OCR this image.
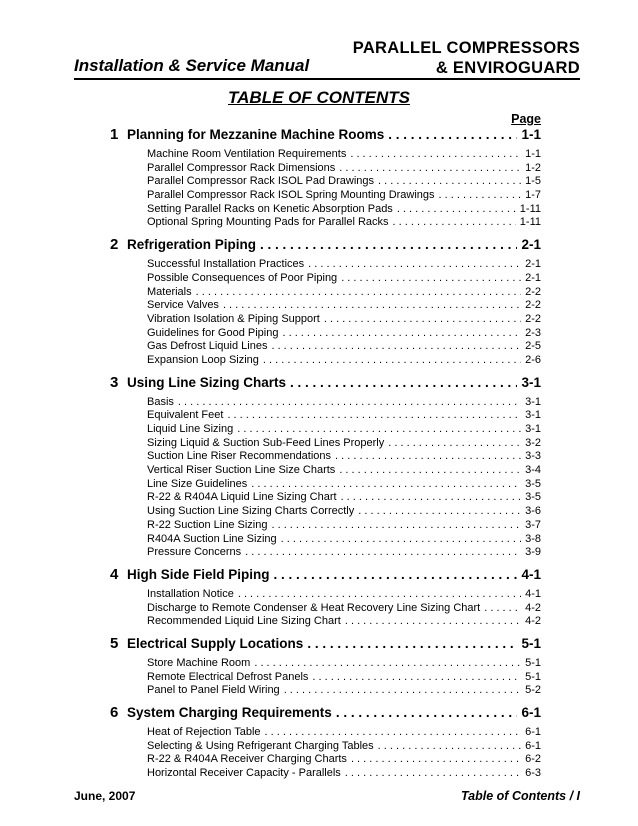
PARALLEL COMPRESSORS
& ENVIROGUARD
Installation & Service Manual
TABLE OF CONTENTS
Page
1 Planning for Mezzanine Machine Rooms . . .	1-1
Machine Room Ventilation Requirements . . .	1-1
Parallel Compressor Rack Dimensions . . .	1-2
Parallel Compressor Rack ISOL Pad Drawings . . .	1-5
Parallel Compressor Rack ISOL Spring Mounting Drawings . . .	1-7
Setting Parallel Racks on Kenetic Absorption Pads . . .	1-11
Optional Spring Mounting Pads for Parallel Racks . . .	1-11
2 Refrigeration Piping . . .	2-1
Successful Installation Practices . . .	2-1
Possible Consequences of Poor Piping . . .	2-1
Materials . . .	2-2
Service Valves . . .	2-2
Vibration Isolation & Piping Support . . .	2-2
Guidelines for Good Piping . . .	2-3
Gas Defrost Liquid Lines . . .	2-5
Expansion Loop Sizing . . .	2-6
3 Using Line Sizing Charts . . .	3-1
Basis . . .	3-1
Equivalent Feet . . .	3-1
Liquid Line Sizing . . .	3-1
Sizing Liquid & Suction Sub-Feed Lines Properly . . .	3-2
Suction Line Riser Recommendations . . .	3-3
Vertical Riser Suction Line Size Charts . . .	3-4
Line Size Guidelines . . .	3-5
R-22 & R404A Liquid Line Sizing Chart . . .	3-5
Using Suction Line Sizing Charts Correctly . . .	3-6
R-22 Suction Line Sizing . . .	3-7
R404A Suction Line Sizing . . .	3-8
Pressure Concerns . . .	3-9
4 High Side Field Piping . . .	4-1
Installation Notice . . .	4-1
Discharge to Remote Condenser & Heat Recovery Line Sizing Chart . . .	4-2
Recommended Liquid Line Sizing Chart . . .	4-2
5 Electrical Supply Locations . . .	5-1
Store Machine Room . . .	5-1
Remote Electrical Defrost Panels . . .	5-1
Panel to Panel Field Wiring . . .	5-2
6 System Charging Requirements . . .	6-1
Heat of Rejection Table . . .	6-1
Selecting & Using Refrigerant Charging Tables . . .	6-1
R-22 & R404A Receiver Charging Charts . . .	6-2
Horizontal Receiver Capacity - Parallels . . .	6-3
June, 2007	Table of Contents / I
